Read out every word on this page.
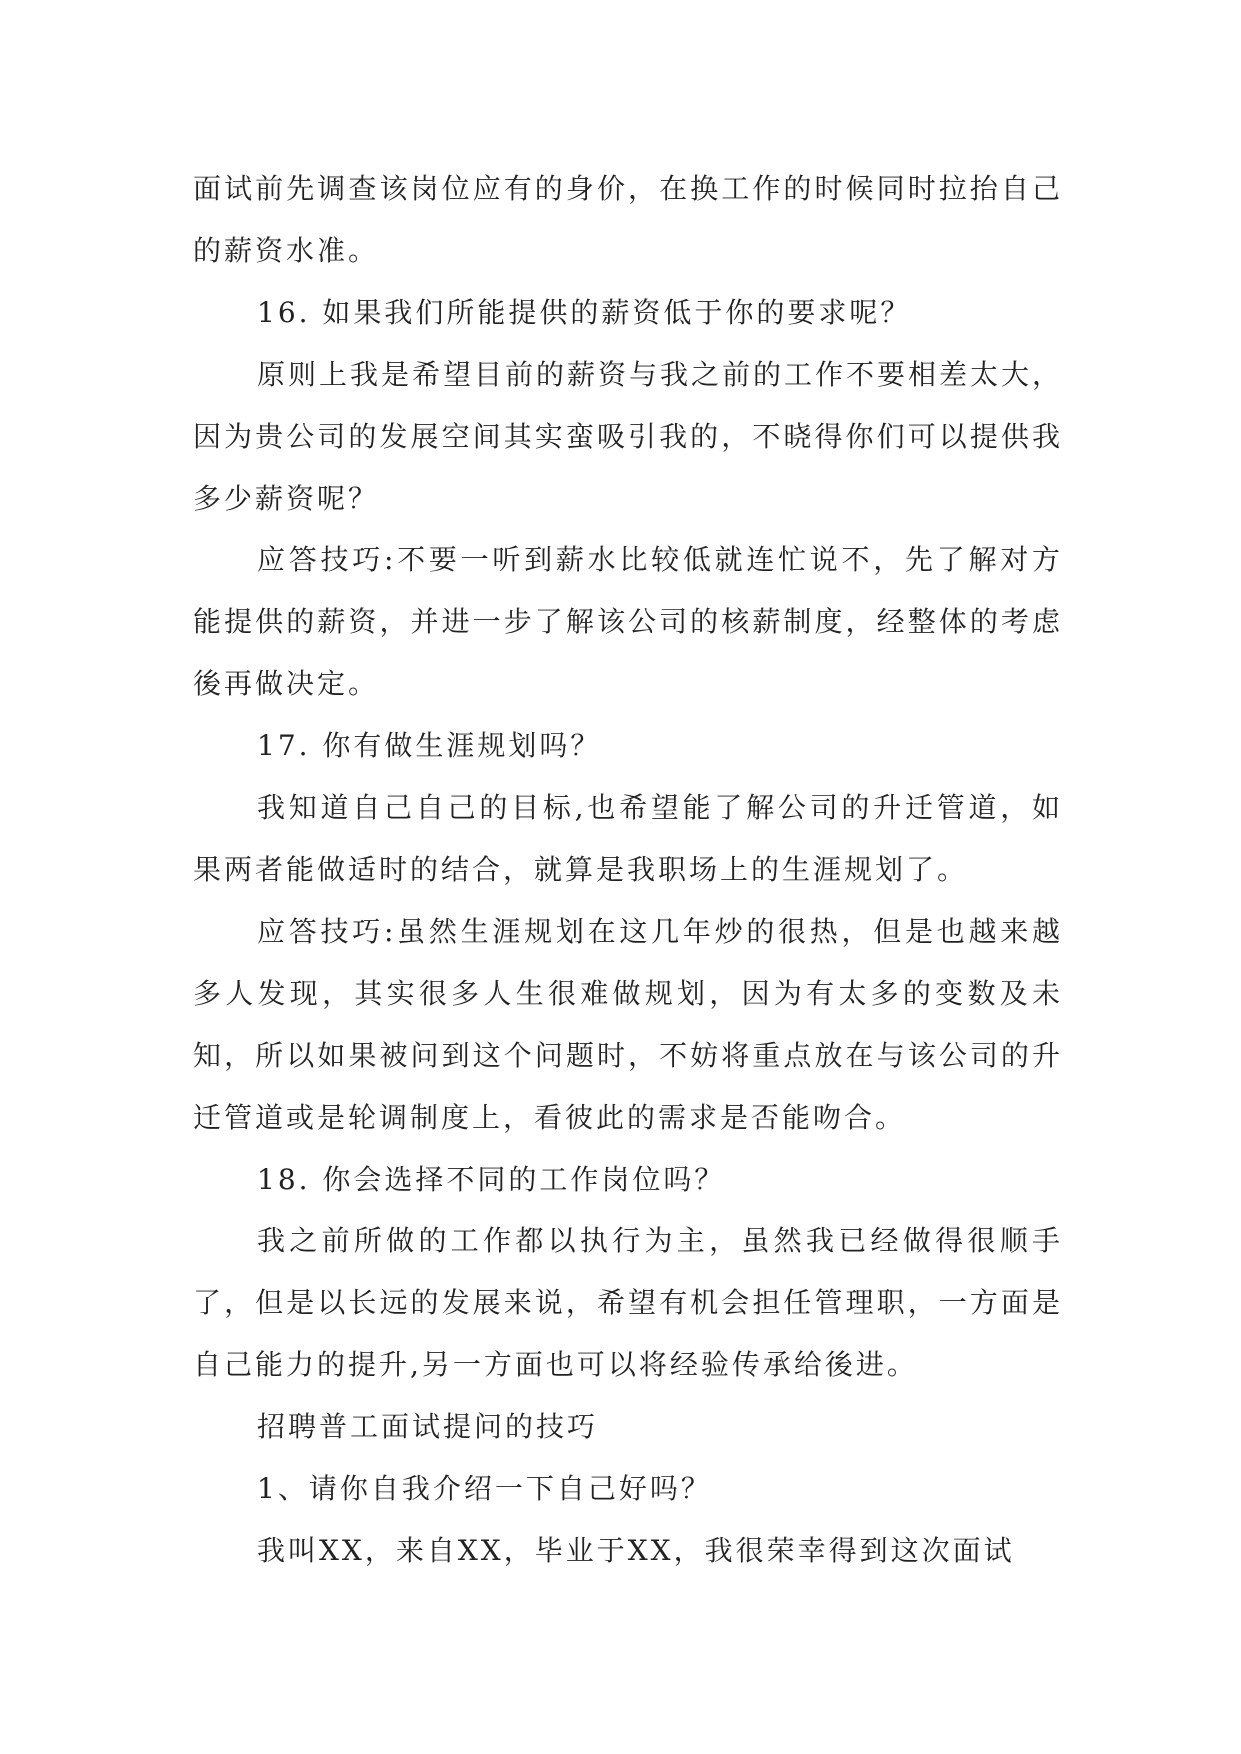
面试前先调查该岗位应有的身价，在换工作的时候同时拉抬自己的薪资水准。

16. 如果我们所能提供的薪资低于你的要求呢？

原则上我是希望目前的薪资与我之前的工作不要相差太大，因为贵公司的发展空间其实蛮吸引我的，不晓得你们可以提供我多少薪资呢？

应答技巧:不要一听到薪水比较低就连忙说不，先了解对方能提供的薪资，并进一步了解该公司的核薪制度，经整体的考虑後再做决定。

17. 你有做生涯规划吗？

我知道自己自己的目标,也希望能了解公司的升迁管道，如果两者能做适时的结合，就算是我职场上的生涯规划了。

应答技巧:虽然生涯规划在这几年炒的很热，但是也越来越多人发现，其实很多人生很难做规划，因为有太多的变数及未知，所以如果被问到这个问题时，不妨将重点放在与该公司的升迁管道或是轮调制度上，看彼此的需求是否能吻合。

18. 你会选择不同的工作岗位吗？

我之前所做的工作都以执行为主，虽然我已经做得很顺手了，但是以长远的发展来说，希望有机会担任管理职，一方面是自己能力的提升,另一方面也可以将经验传承给後进。

招聘普工面试提问的技巧

1、请你自我介绍一下自己好吗？

我叫XX，来自XX，毕业于XX，我很荣幸得到这次面试
